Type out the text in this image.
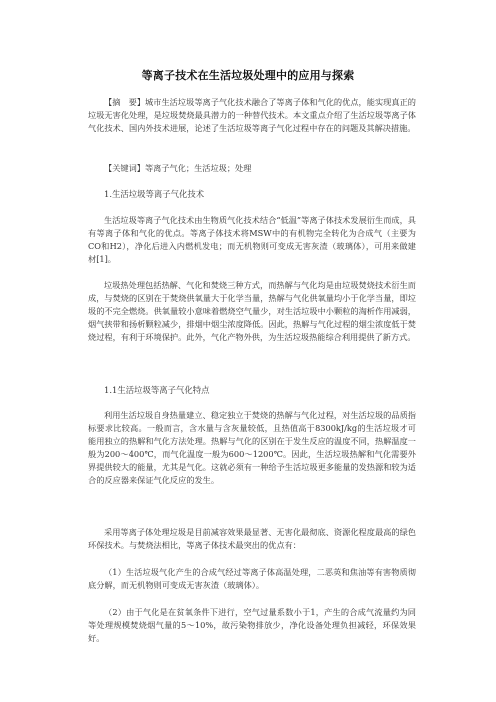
等离子技术在生活垃圾处理中的应用与探索

【摘　要】城市生活垃圾等离子气化技术融合了等离子体和气化的优点，能实现真正的垃圾无害化处理，是垃圾焚烧最具潜力的一种替代技术。本文重点介绍了生活垃圾等离子体气化技术、国内外技术进展，论述了生活垃圾等离子气化过程中存在的问题及其解决措施。

【关键词】等离子气化；生活垃圾；处理

1.生活垃圾等离子气化技术

生活垃圾等离子气化技术由生物质气化技术结合“低温”等离子体技术发展衍生而成，具有等离子体和气化的优点。等离子体技术将MSW中的有机物完全转化为合成气（主要为CO和H2），净化后进入内燃机发电；而无机物则可变成无害灰渣（玻璃体），可用来做建材[1]。

垃圾热处理包括热解、气化和焚烧三种方式，而热解与气化均是由垃圾焚烧技术衍生而成，与焚烧的区别在于焚烧供氧量大于化学当量，热解与气化供氧量均小于化学当量，即垃圾的不完全燃烧。供氧量较小意味着燃烧空气量少，对生活垃圾中小颗粒的淘析作用减弱，烟气挟带和扬析颗粒减少，排烟中烟尘浓度降低。因此，热解与气化过程的烟尘浓度低于焚烧过程，有利于环境保护。此外，气化产物外供，为生活垃圾热能综合利用提供了新方式。

1.1生活垃圾等离子气化特点

利用生活垃圾自身热量建立、稳定独立于焚烧的热解与气化过程，对生活垃圾的品质指标要求比较高。一般而言，含水量与含灰量较低，且热值高于8300kJ/kg的生活垃圾才可能用独立的热解和气化方法处理。热解与气化的区别在于发生反应的温度不同，热解温度一般为200～400℃，而气化温度一般为600～1200℃。因此，生活垃圾热解和气化需要外界提供较大的能量，尤其是气化。这就必须有一种给予生活垃圾更多能量的发热源和较为适合的反应器来保证气化反应的发生。

采用等离子体处理垃圾是目前减容效果最显著、无害化最彻底、资源化程度最高的绿色环保技术。与焚烧法相比，等离子体技术最突出的优点有：

（1）生活垃圾气化产生的合成气经过等离子体高温处理，二恶英和焦油等有害物质彻底分解，而无机物则可变成无害灰渣（玻璃体）。

（2）由于气化是在贫氧条件下进行，空气过量系数小于1，产生的合成气流量约为同等处理规模焚烧烟气量的5～10%，故污染物排放少，净化设备处理负担减轻，环保效果好。
